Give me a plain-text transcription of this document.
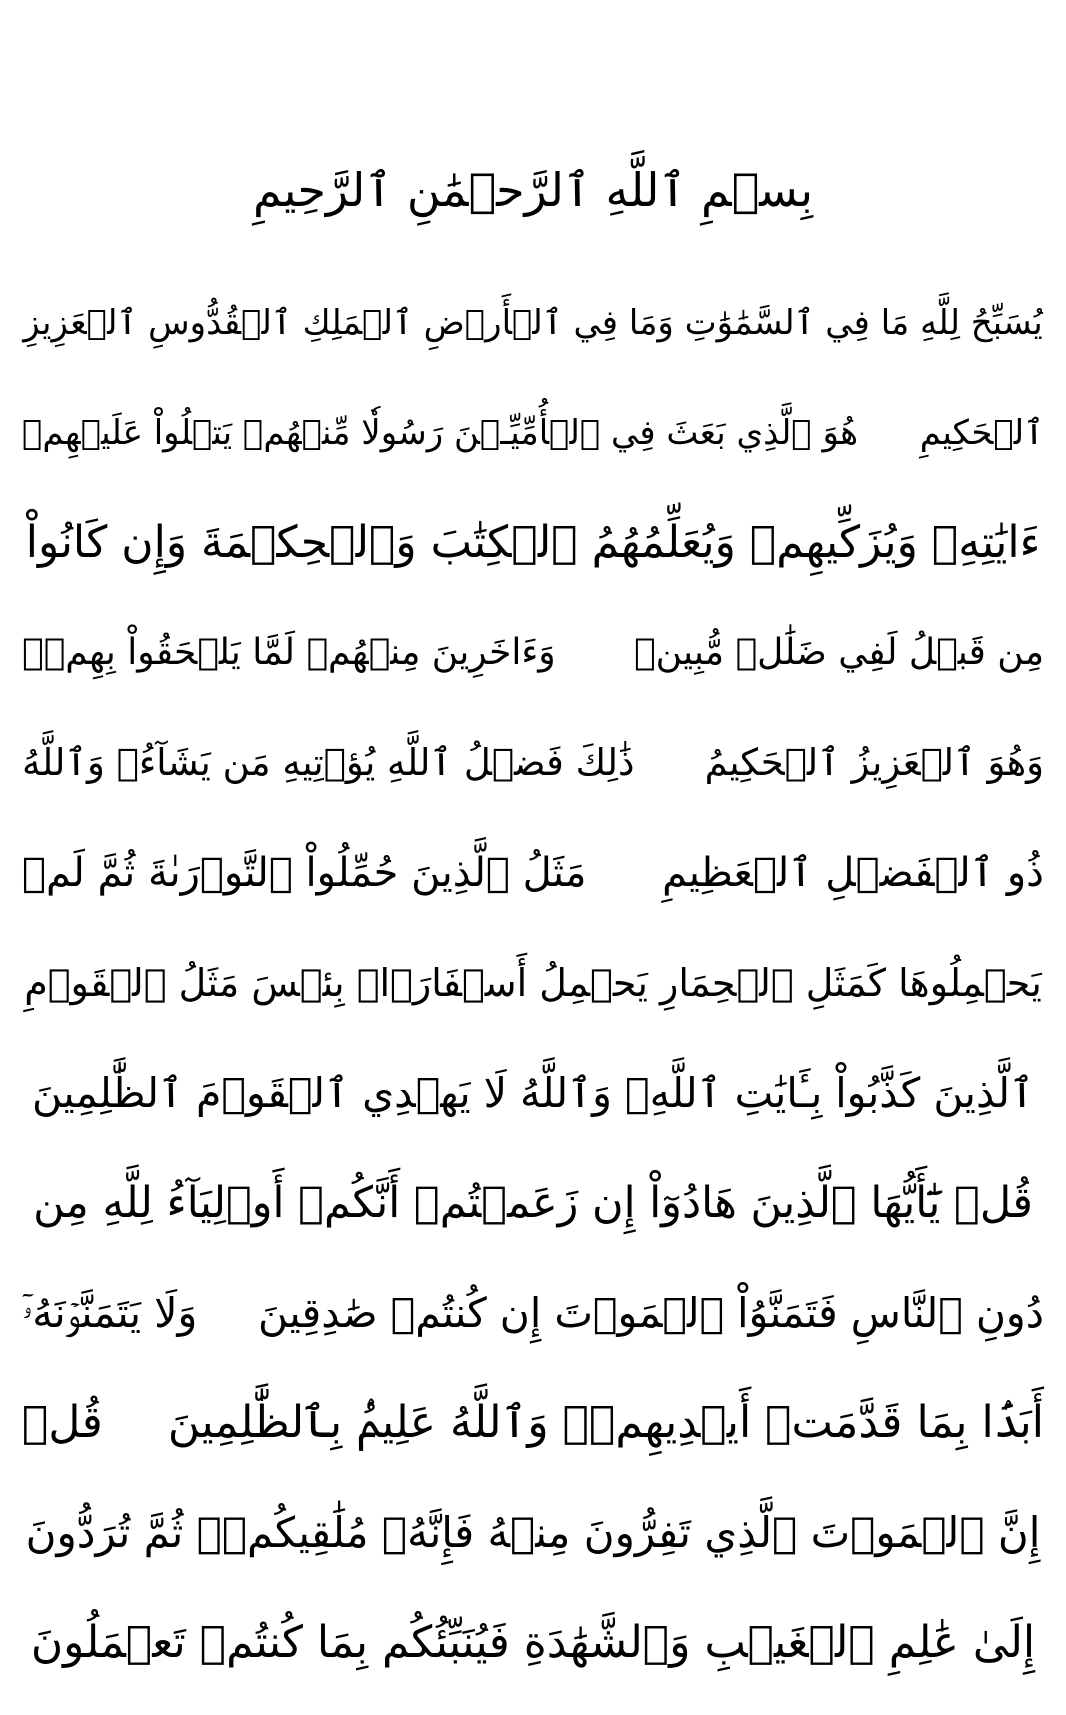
بِسۡمِ ٱللَّهِ ٱلرَّحۡمَٰنِ ٱلرَّحِيمِ
يُسَبِّحُ لِلَّهِ مَا فِي ٱلسَّمَٰوَٰتِ وَمَا فِي ٱلۡأَرۡضِ ٱلۡمَلِكِ ٱلۡقُدُّوسِ ٱلۡعَزِيزِ
ٱلۡحَكِيمِ
هُوَ ٱلَّذِي بَعَثَ فِي ٱلۡأُمِّيِّـۧنَ رَسُولٗا مِّنۡهُمۡ يَتۡلُواْ عَلَيۡهِمۡ
ءَايَٰتِهِۦ وَيُزَكِّيهِمۡ وَيُعَلِّمُهُمُ ٱلۡكِتَٰبَ وَٱلۡحِكۡمَةَ وَإِن كَانُواْ
مِن قَبۡلُ لَفِي ضَلَٰلٖ مُّبِينٖ
وَءَاخَرِينَ مِنۡهُمۡ لَمَّا يَلۡحَقُواْ بِهِمۡۚ
وَهُوَ ٱلۡعَزِيزُ ٱلۡحَكِيمُ
ذَٰلِكَ فَضۡلُ ٱللَّهِ يُؤۡتِيهِ مَن يَشَآءُۚ وَٱللَّهُ
ذُو ٱلۡفَضۡلِ ٱلۡعَظِيمِ
مَثَلُ ٱلَّذِينَ حُمِّلُواْ ٱلتَّوۡرَىٰةَ ثُمَّ لَمۡ
يَحۡمِلُوهَا كَمَثَلِ ٱلۡحِمَارِ يَحۡمِلُ أَسۡفَارَۢاۚ بِئۡسَ مَثَلُ ٱلۡقَوۡمِ
ٱلَّذِينَ كَذَّبُواْ بِـَٔايَٰتِ ٱللَّهِۚ وَٱللَّهُ لَا يَهۡدِي ٱلۡقَوۡمَ ٱلظَّٰلِمِينَ
قُلۡ يَٰٓأَيُّهَا ٱلَّذِينَ هَادُوٓاْ إِن زَعَمۡتُمۡ أَنَّكُمۡ أَوۡلِيَآءُ لِلَّهِ مِن
دُونِ ٱلنَّاسِ فَتَمَنَّوُاْ ٱلۡمَوۡتَ إِن كُنتُمۡ صَٰدِقِينَ
وَلَا يَتَمَنَّوۡنَهُۥٓ
أَبَدَۢا بِمَا قَدَّمَتۡ أَيۡدِيهِمۡۚ وَٱللَّهُ عَلِيمُۢ بِٱلظَّٰلِمِينَ
قُلۡ
إِنَّ ٱلۡمَوۡتَ ٱلَّذِي تَفِرُّونَ مِنۡهُ فَإِنَّهُۥ مُلَٰقِيكُمۡۖ ثُمَّ تُرَدُّونَ
إِلَىٰ عَٰلِمِ ٱلۡغَيۡبِ وَٱلشَّهَٰدَةِ فَيُنَبِّئُكُم بِمَا كُنتُمۡ تَعۡمَلُونَ
